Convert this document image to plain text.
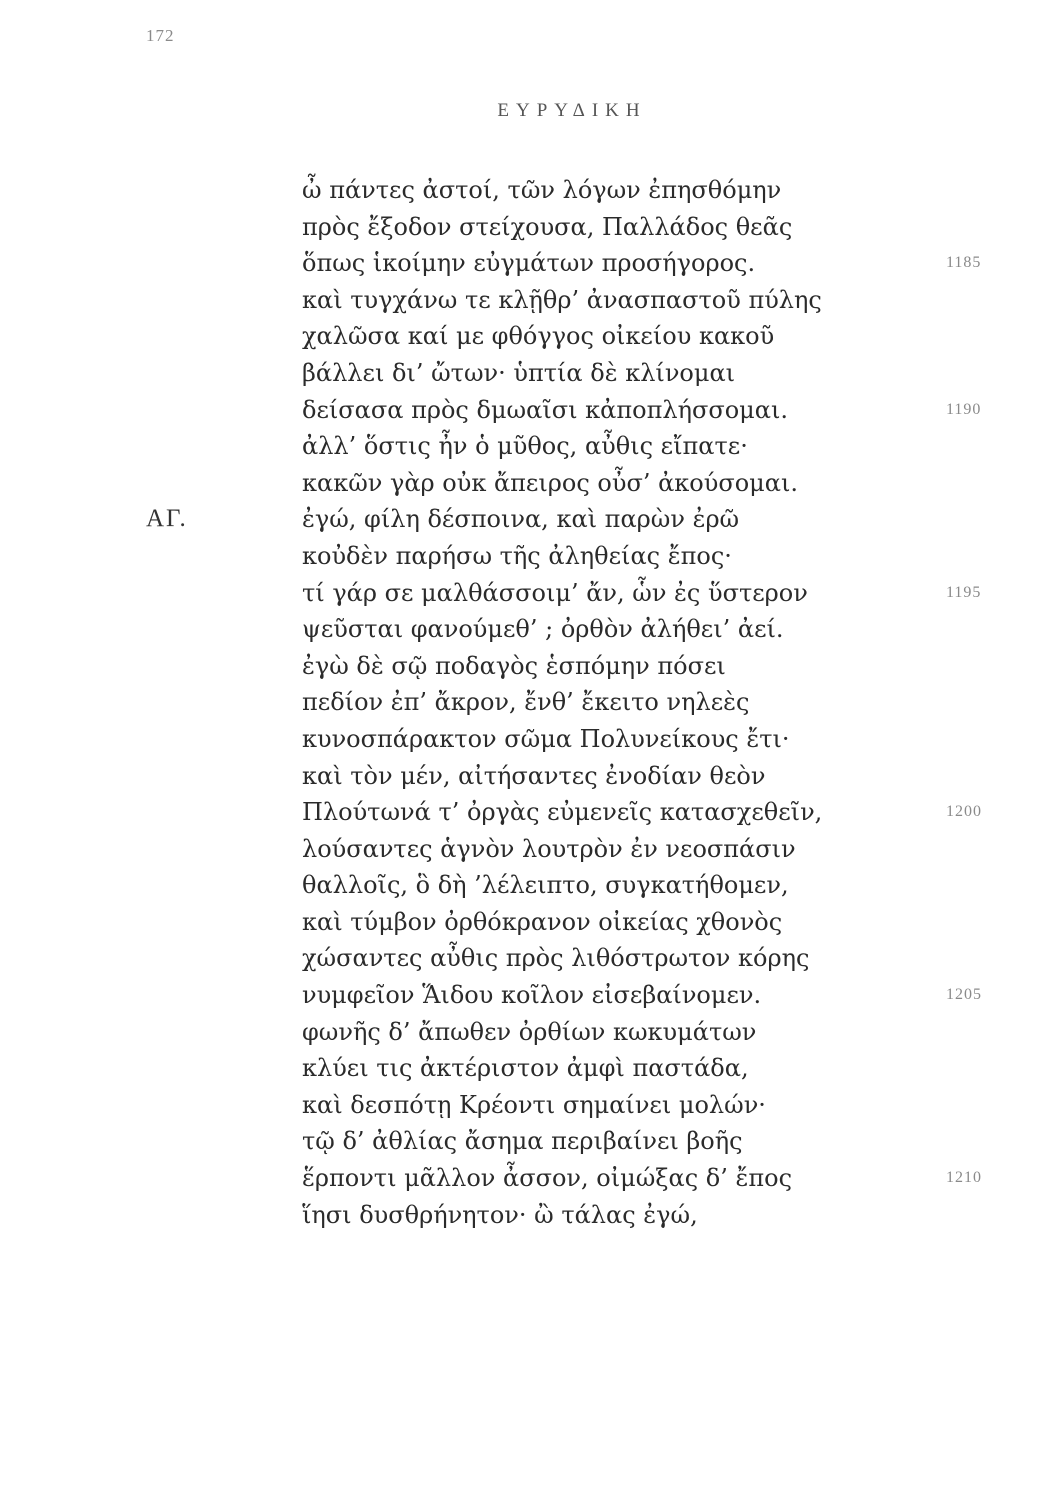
172
ΕΥΡΥΔΙΚΗ
ὦ πάντες ἀστοί, τῶν λόγων ἐπησθόμην
πρὸς ἔξοδον στείχουσα, Παλλάδος θεᾶς
ὅπως ἱκοίμην εὐγμάτων προσήγορος.	1185
καὶ τυγχάνω τε κλῇθρ’ ἀνασπαστοῦ πύλης
χαλῶσα καί με φθόγγος οἰκείου κακοῦ
βάλλει δι’ ὤτων· ὑπτία δὲ κλίνομαι
δείσασα πρὸς δμωαῖσι κἀποπλήσσομαι.	1190
ἀλλ’ ὅστις ἦν ὁ μῦθος, αὖθις εἴπατε·
κακῶν γὰρ οὐκ ἄπειρος οὖσ’ ἀκούσομαι.
ΑΓ.	ἐγώ, φίλη δέσποινα, καὶ παρὼν ἐρῶ
κοὐδὲν παρήσω τῆς ἀληθείας ἔπος·
τί γάρ σε μαλθάσσοιμ’ ἄν, ὧν ἐς ὕστερον	1195
ψεῦσται φανούμεθ’ ; ὀρθὸν ἀλήθει’ ἀεί.
ἐγὼ δὲ σῷ ποδαγὸς ἑσπόμην πόσει
πεδίον ἐπ’ ἄκρον, ἔνθ’ ἔκειτο νηλεὲς
κυνοσπάρακτον σῶμα Πολυνείκους ἔτι·
καὶ τὸν μέν, αἰτήσαντες ἐνοδίαν θεὸν
Πλούτωνά τ’ ὀργὰς εὐμενεῖς κατασχεθεῖν,	1200
λούσαντες ἁγνὸν λουτρὸν ἐν νεοσπάσιν
θαλλοῖς, ὃ δὴ ’λέλειπτο, συγκατήθομεν,
καὶ τύμβον ὀρθόκρανον οἰκείας χθονὸς
χώσαντες αὖθις πρὸς λιθόστρωτον κόρης
νυμφεῖον Ἅιδου κοῖλον εἰσεβαίνομεν.	1205
φωνῆς δ’ ἄπωθεν ὀρθίων κωκυμάτων
κλύει τις ἀκτέριστον ἀμφὶ παστάδα,
καὶ δεσπότῃ Κρέοντι σημαίνει μολών·
τῷ δ’ ἀθλίας ἄσημα περιβαίνει βοῆς
ἕρποντι μᾶλλον ἆσσον, οἰμώξας δ’ ἔπος	1210
ἵησι δυσθρήνητον· ὢ τάλας ἐγώ,
